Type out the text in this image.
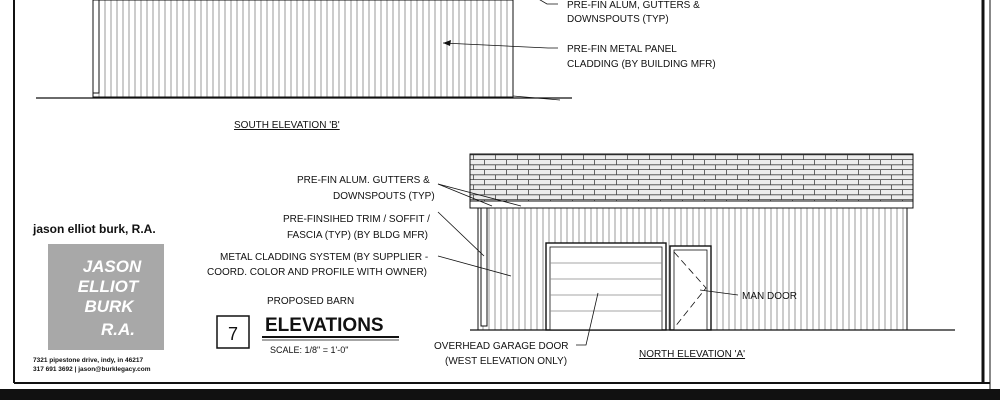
PRE-FIN ALUM, GUTTERS &
DOWNSPOUTS (TYP)
PRE-FIN METAL PANEL
CLADDING (BY BUILDING MFR)
SOUTH ELEVATION 'B'
PRE-FIN ALUM. GUTTERS &
DOWNSPOUTS (TYP)
PRE-FINSIHED TRIM / SOFFIT /
FASCIA (TYP) (BY BLDG MFR)
METAL CLADDING SYSTEM (BY SUPPLIER -
COORD. COLOR AND PROFILE WITH OWNER)
MAN DOOR
OVERHEAD GARAGE DOOR
(WEST ELEVATION ONLY)
NORTH ELEVATION 'A'
jason elliot burk, R.A.
JASON
ELLIOT
BURK
R.A.
7321 pipestone drive, indy, in 46217
317 691 3692 | jason@burklegacy.com
7
PROPOSED BARN
ELEVATIONS
SCALE: 1/8" = 1'-0"
